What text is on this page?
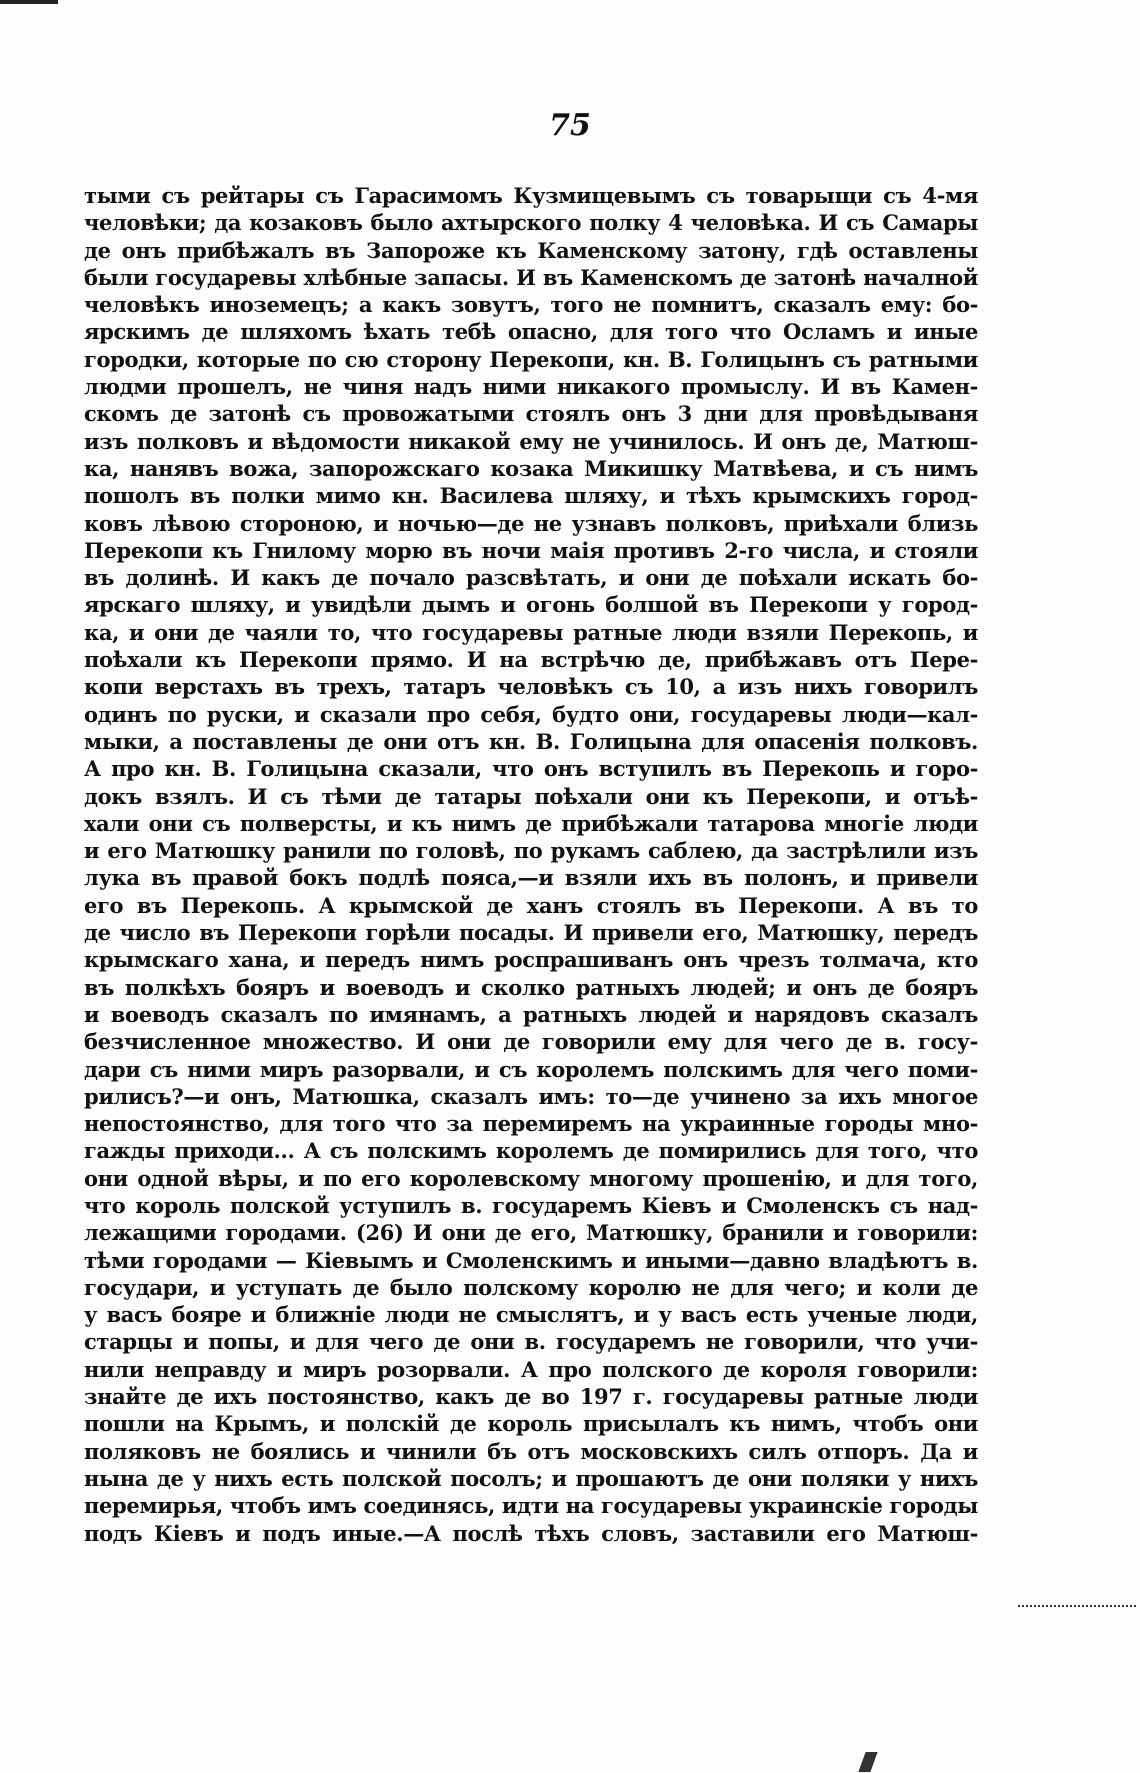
75
тыми съ рейтары съ Гарасимомъ Кузмищевымъ съ товарыщи съ 4-мя
человѣки; да козаковъ было ахтырского полку 4 человѣка. И съ Самары
де онъ прибѣжалъ въ Запороже къ Каменскому затону, гдѣ оставлены
были государевы хлѣбные запасы. И въ Каменскомъ де затонѣ началной
человѣкъ иноземецъ; а какъ зовутъ, того не помнитъ, сказалъ ему: бо-
ярскимъ де шляхомъ ѣхать тебѣ опасно, для того что Осламъ и иные
городки, которые по сю сторону Перекопи, кн. В. Голицынъ съ ратными
людми прошелъ, не чиня надъ ними никакого промыслу. И въ Камен-
скомъ де затонѣ съ провожатыми стоялъ онъ 3 дни для провѣдываня
изъ полковъ и вѣдомости никакой ему не учинилось. И онъ де, Матюш-
ка, нанявъ вожа, запорожскаго козака Микишку Матвѣева, и съ нимъ
пошолъ въ полки мимо кн. Василева шляху, и тѣхъ крымскихъ город-
ковъ лѣвою стороною, и ночью—де не узнавъ полковъ, приѣхали близь
Перекопи къ Гнилому морю въ ночи маія противъ 2-го числа, и стояли
въ долинѣ. И какъ де почало разсвѣтать, и они де поѣхали искать бо-
ярскаго шляху, и увидѣли дымъ и огонь болшой въ Перекопи у город-
ка, и они де чаяли то, что государевы ратные люди взяли Перекопь, и
поѣхали къ Перекопи прямо. И на встрѣчю де, прибѣжавъ отъ Пере-
копи верстахъ въ трехъ, татаръ человѣкъ съ 10, а изъ нихъ говорилъ
одинъ по руски, и сказали про себя, будто они, государевы люди—кал-
мыки, а поставлены де они отъ кн. В. Голицына для опасенія полковъ.
А про кн. В. Голицына сказали, что онъ вступилъ въ Перекопь и горо-
докъ взялъ. И съ тѣми де татары поѣхали они къ Перекопи, и отъѣ-
хали они съ полверсты, и къ нимъ де прибѣжали татарова многіе люди
и его Матюшку ранили по головѣ, по рукамъ саблею, да застрѣлили изъ
лука въ правой бокъ подлѣ пояса,—и взяли ихъ въ полонъ, и привели
его въ Перекопь. А крымской де ханъ стоялъ въ Перекопи. А въ то
де число въ Перекопи горѣли посады. И привели его, Матюшку, передъ
крымскаго хана, и передъ нимъ роспрашиванъ онъ чрезъ толмача, кто
въ полкѣхъ бояръ и воеводъ и сколко ратныхъ людей; и онъ де бояръ
и воеводъ сказалъ по имянамъ, а ратныхъ людей и нарядовъ сказалъ
безчисленное множество. И они де говорили ему для чего де в. госу-
дари съ ними миръ разорвали, и съ королемъ полскимъ для чего поми-
рилисъ?—и онъ, Матюшка, сказалъ имъ: то—де учинено за ихъ многое
непостоянство, для того что за перемиремъ на украинные городы мно-
гажды приходи... А съ полскимъ королемъ де помирились для того, что
они одной вѣры, и по его королевскому многому прошенію, и для того,
что король полской уступилъ в. государемъ Кіевъ и Смоленскъ съ над-
лежащими городами. (26) И они де его, Матюшку, бранили и говорили:
тѣми городами — Кіевымъ и Смоленскимъ и иными—давно владѣютъ в.
государи, и уступать де было полскому королю не для чего; и коли де
у васъ бояре и ближніе люди не смыслятъ, и у васъ есть ученые люди,
старцы и попы, и для чего де они в. государемъ не говорили, что учи-
нили неправду и миръ розорвали. А про полского де короля говорили:
знайте де ихъ постоянство, какъ де во 197 г. государевы ратные люди
пошли на Крымъ, и полскій де король присылалъ къ нимъ, чтобъ они
поляковъ не боялись и чинили бъ отъ московскихъ силъ отпоръ. Да и
нына де у нихъ есть полской посолъ; и прошаютъ де они поляки у нихъ
перемирья, чтобъ имъ соединясь, идти на государевы украинскіе городы
подъ Кіевъ и подъ иные.—А послѣ тѣхъ словъ, заставили его Матюш-
